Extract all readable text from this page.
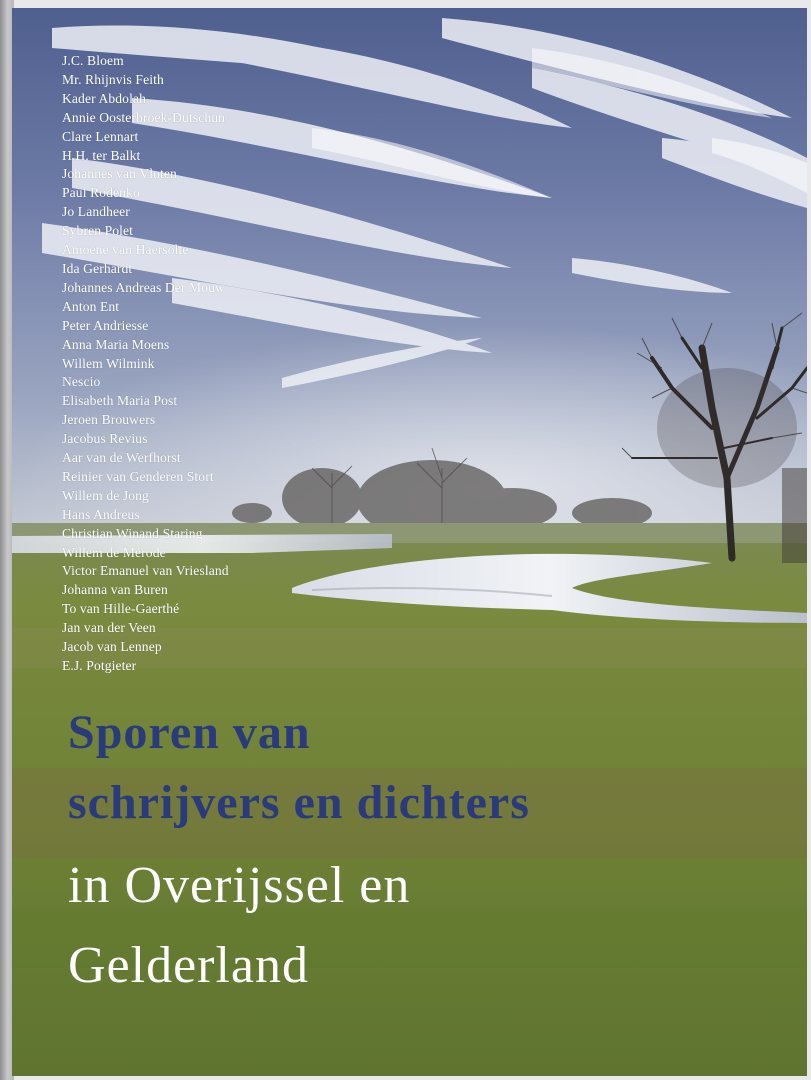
J.C. Bloem
Mr. Rhijnvis Feith
Kader Abdolah
Annie Oosterbroek-Dutschun
Clare Lennart
H.H. ter Balkt
Johannes van Vloten
Paul Rodenko
Jo Landheer
Sybren Polet
Amoene van Haersolte
Ida Gerhardt
Johannes Andreas Dèr Mouw
Anton Ent
Peter Andriesse
Anna Maria Moens
Willem Wilmink
Nescio
Elisabeth Maria Post
Jeroen Brouwers
Jacobus Revius
Aar van de Werfhorst
Reinier van Genderen Stort
Willem de Jong
Hans Andreus
Christian Winand Staring
Willem de Mérode
Victor Emanuel van Vriesland
Johanna van Buren
To van Hille-Gaerthé
Jan van der Veen
Jacob van Lennep
E.J. Potgieter
Sporen van
schrijvers en dichters
in Overijssel en
Gelderland
